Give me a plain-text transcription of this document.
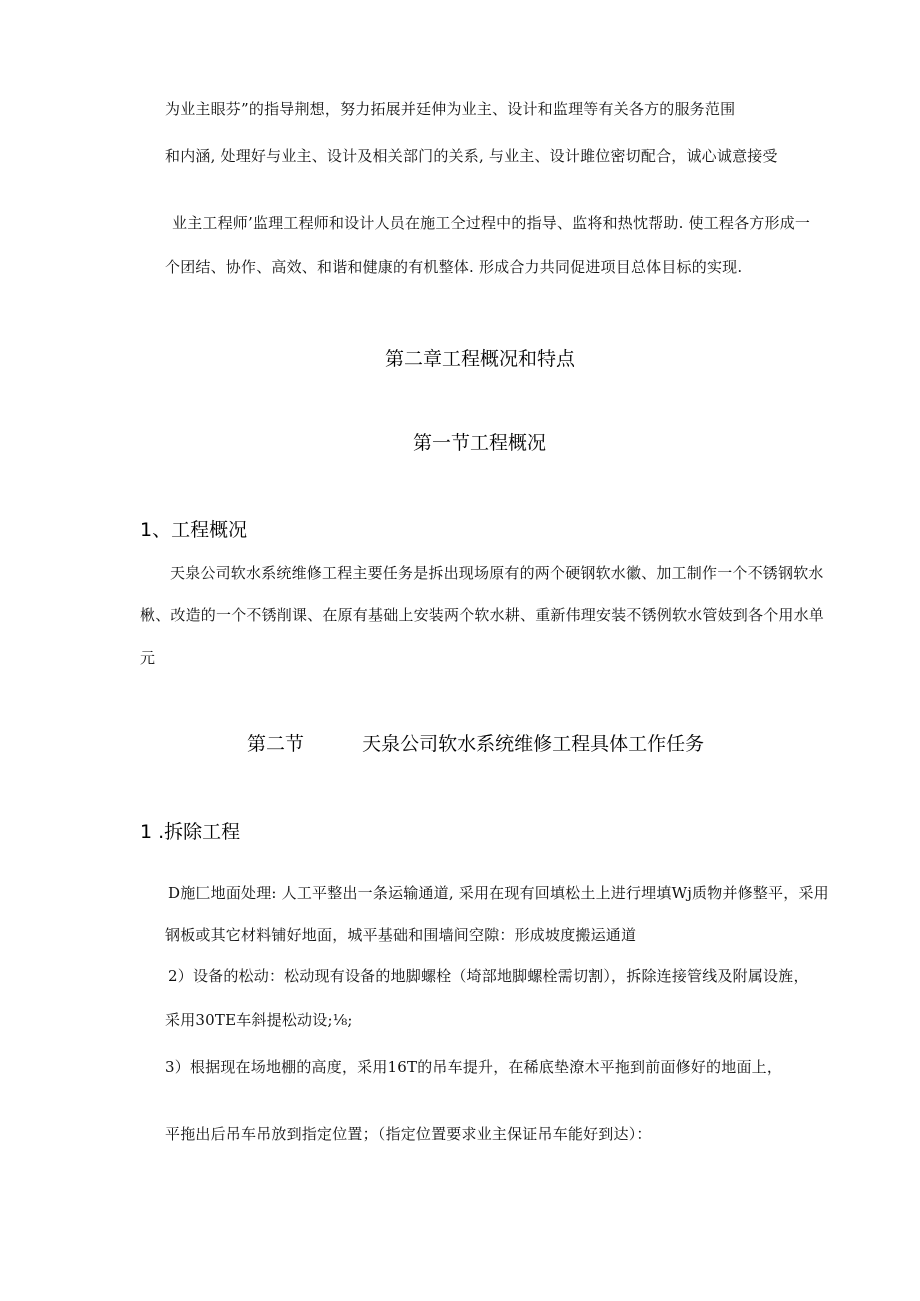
为业主眼芬”的指导荆想，努力拓展并廷伸为业主、设计和监理等有关各方的服务范围
和内涵, 处理好与业主、设计及相关部门的关系, 与业主、设计雎位密切配合，诚心诚意接受
业主工程师’监理工程师和设计人员在施工仝过程中的指导、监将和热忱帮助. 使工程各方形成一
个团结、协作、高效、和谐和健康的有机整体. 形成合力共同促进项目总体目标的实现.
第二章工程概况和特点
第一节工程概况
1、工程概况
天泉公司软水系统维修工程主要任务是拆出现场原有的两个硬钢软水徽、加工制作一个不锈钢软水
楸、改造的一个不锈削课、在原有基础上安装两个软水耕、重新伟理安装不锈例软水管妓到各个用水单
元
第二节	天泉公司软水系统维修工程具体工作任务
1 .拆除工程
D施匚地面处理: 人工平整出一条运输通道, 采用在现有回填松土上进行埋填Wj质物并修整平，采用
钢板或其它材料铺好地面，城平基础和围墙间空隙：形成坡度搬运通道
2）设备的松动：松动现有设备的地脚螺栓（埼部地脚螺栓需切割），拆除连接管线及附属设旌，
采用30TE车斜提松动设;⅛;
3）根据现在场地棚的高度，采用16T的吊车提升，在稀底垫潦木平拖到前面修好的地面上，
平拖出后吊车吊放到指定位置；（指定位置要求业主保证吊车能好到达）：
